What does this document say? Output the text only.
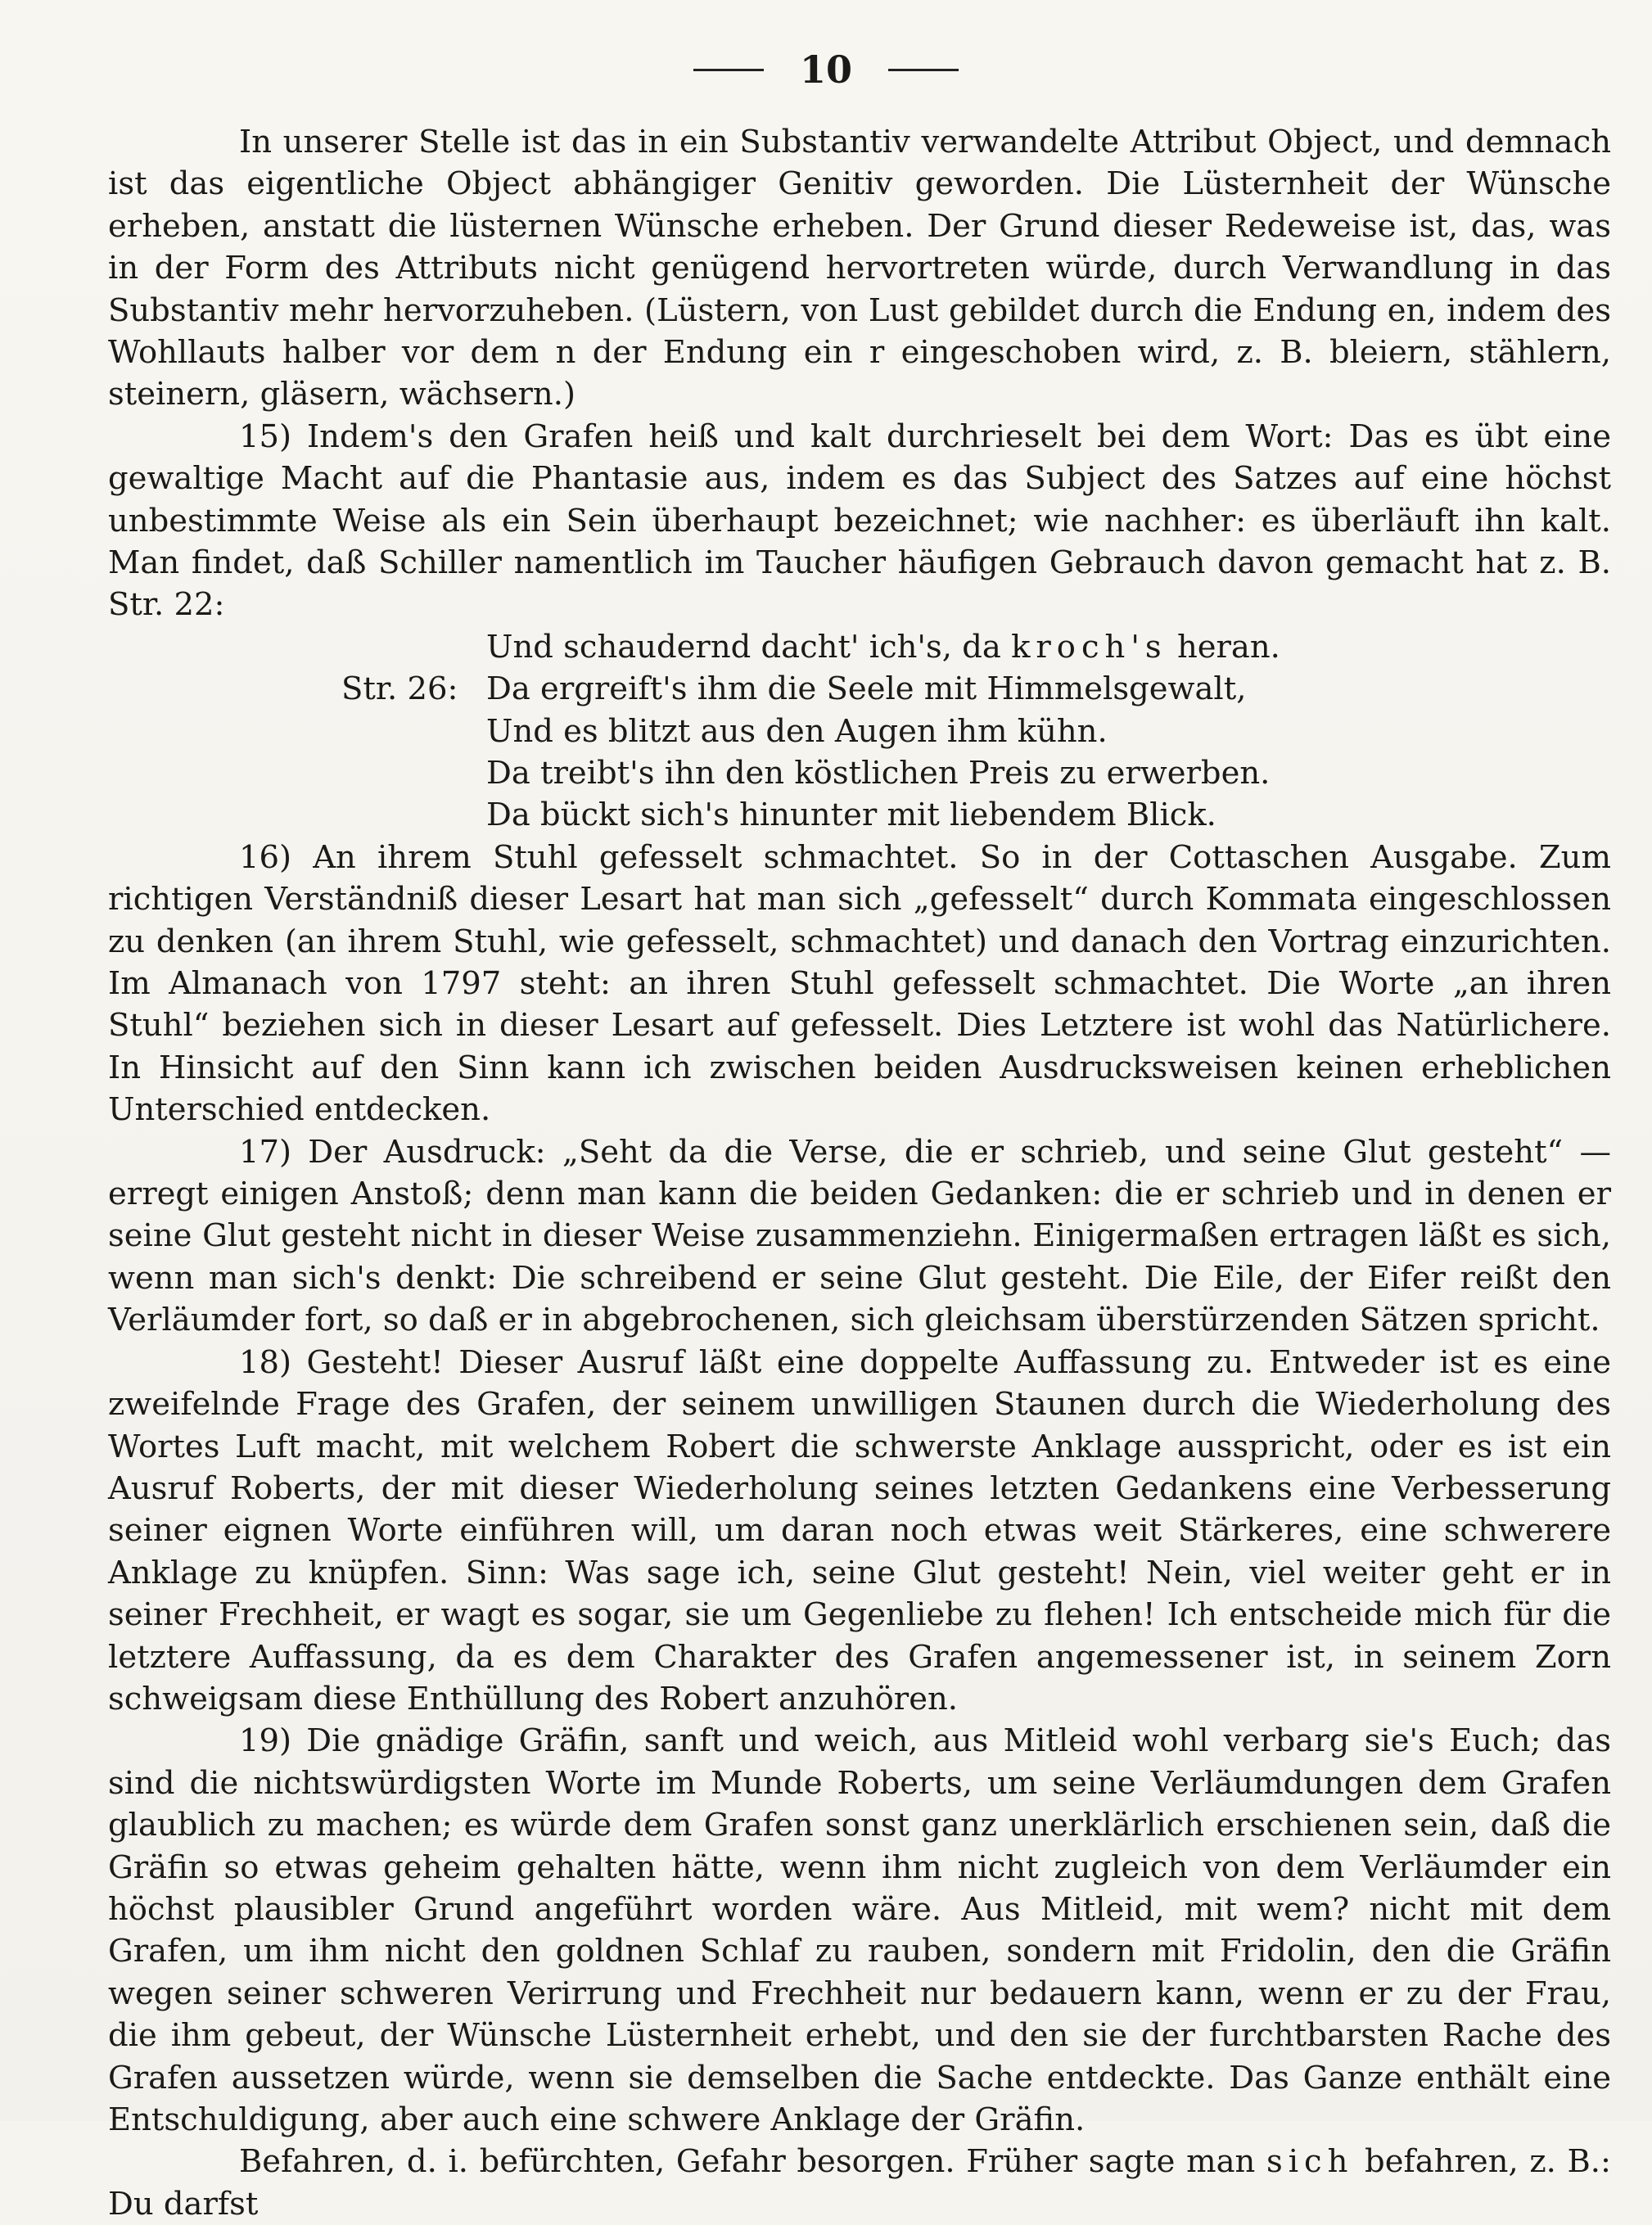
10

In unserer Stelle ist das in ein Substantiv verwandelte Attribut Object, und demnach ist das eigentliche Object abhängiger Genitiv geworden. Die Lüsternheit der Wünsche erheben, anstatt die lüsternen Wünsche erheben. Der Grund dieser Redeweise ist, das, was in der Form des Attributs nicht genügend hervortreten würde, durch Verwandlung in das Substantiv mehr hervorzuheben. (Lüstern, von Lust gebildet durch die Endung en, indem des Wohllauts halber vor dem n der Endung ein r eingeschoben wird, z. B. bleiern, stählern, steinern, gläsern, wächsern.)

15) Indem's den Grafen heiß und kalt durchrieselt bei dem Wort: Das es übt eine gewaltige Macht auf die Phantasie aus, indem es das Subject des Satzes auf eine höchst unbestimmte Weise als ein Sein überhaupt bezeichnet; wie nachher: es überläuft ihn kalt. Man findet, daß Schiller namentlich im Taucher häufigen Gebrauch davon gemacht hat z. B. Str. 22:

Und schaudernd dacht' ich's, da kroch's heran.
Str. 26: Da ergreift's ihm die Seele mit Himmelsgewalt,
Und es blitzt aus den Augen ihm kühn.
Da treibt's ihn den köstlichen Preis zu erwerben.
Da bückt sich's hinunter mit liebendem Blick.

16) An ihrem Stuhl gefesselt schmachtet. So in der Cottaschen Ausgabe. Zum richtigen Verständniß dieser Lesart hat man sich „gefesselt“ durch Kommata eingeschlossen zu denken (an ihrem Stuhl, wie gefesselt, schmachtet) und danach den Vortrag einzurichten. Im Almanach von 1797 steht: an ihren Stuhl gefesselt schmachtet. Die Worte „an ihren Stuhl“ beziehen sich in dieser Lesart auf gefesselt. Dies Letztere ist wohl das Natürlichere. In Hinsicht auf den Sinn kann ich zwischen beiden Ausdrucksweisen keinen erheblichen Unterschied entdecken.

17) Der Ausdruck: „Seht da die Verse, die er schrieb, und seine Glut gesteht“ — erregt einigen Anstoß; denn man kann die beiden Gedanken: die er schrieb und in denen er seine Glut gesteht nicht in dieser Weise zusammenziehn. Einigermaßen ertragen läßt es sich, wenn man sich's denkt: Die schreibend er seine Glut gesteht. Die Eile, der Eifer reißt den Verläumder fort, so daß er in abgebrochenen, sich gleichsam überstürzenden Sätzen spricht.

18) Gesteht! Dieser Ausruf läßt eine doppelte Auffassung zu. Entweder ist es eine zweifelnde Frage des Grafen, der seinem unwilligen Staunen durch die Wiederholung des Wortes Luft macht, mit welchem Robert die schwerste Anklage ausspricht, oder es ist ein Ausruf Roberts, der mit dieser Wiederholung seines letzten Gedankens eine Verbesserung seiner eignen Worte einführen will, um daran noch etwas weit Stärkeres, eine schwerere Anklage zu knüpfen. Sinn: Was sage ich, seine Glut gesteht! Nein, viel weiter geht er in seiner Frechheit, er wagt es sogar, sie um Gegenliebe zu flehen! Ich entscheide mich für die letztere Auffassung, da es dem Charakter des Grafen angemessener ist, in seinem Zorn schweigsam diese Enthüllung des Robert anzuhören.

19) Die gnädige Gräfin, sanft und weich, aus Mitleid wohl verbarg sie's Euch; das sind die nichtswürdigsten Worte im Munde Roberts, um seine Verläumdungen dem Grafen glaublich zu machen; es würde dem Grafen sonst ganz unerklärlich erschienen sein, daß die Gräfin so etwas geheim gehalten hätte, wenn ihm nicht zugleich von dem Verläumder ein höchst plausibler Grund angeführt worden wäre. Aus Mitleid, mit wem? nicht mit dem Grafen, um ihm nicht den goldnen Schlaf zu rauben, sondern mit Fridolin, den die Gräfin wegen seiner schweren Verirrung und Frechheit nur bedauern kann, wenn er zu der Frau, die ihm gebeut, der Wünsche Lüsternheit erhebt, und den sie der furchtbarsten Rache des Grafen aussetzen würde, wenn sie demselben die Sache entdeckte. Das Ganze enthält eine Entschuldigung, aber auch eine schwere Anklage der Gräfin.

Befahren, d. i. befürchten, Gefahr besorgen. Früher sagte man sich befahren, z. B.: Du darfst
